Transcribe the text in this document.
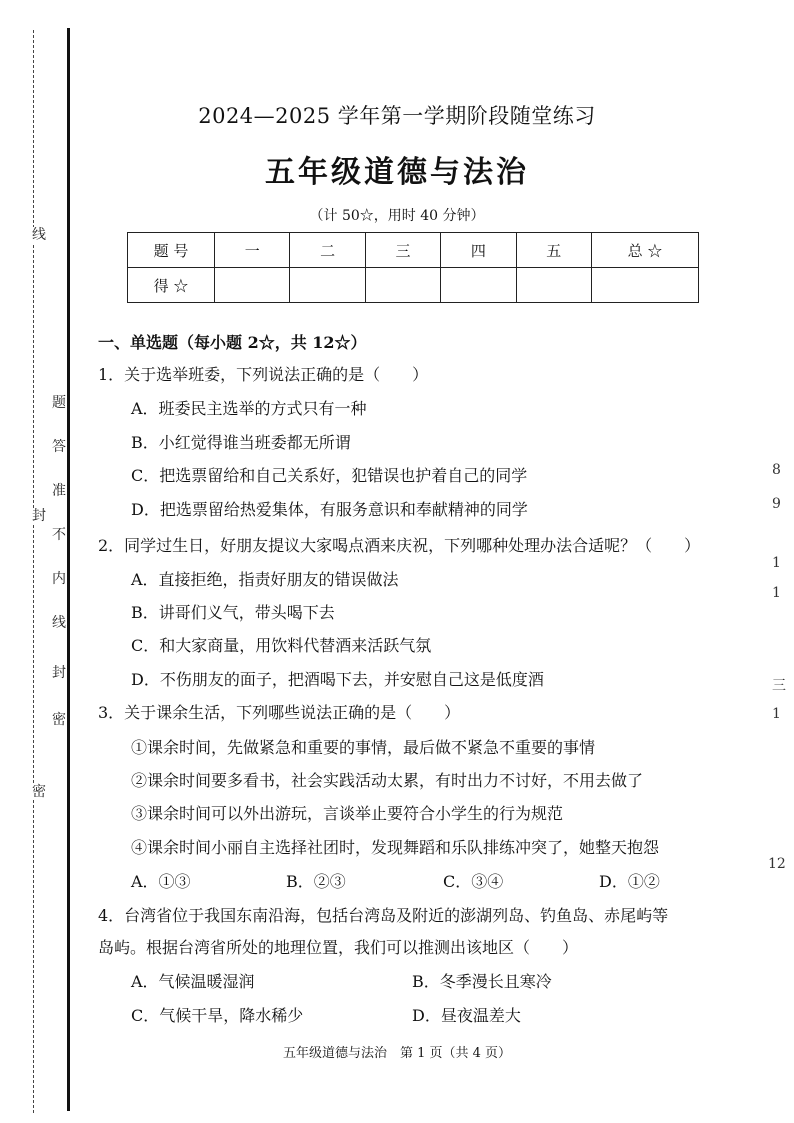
线
封
密
题
答
准
不
内
线
封
密
2024—2025 学年第一学期阶段随堂练习
五年级道德与法治
（计 50☆，用时 40 分钟）
题 号	一	二	三	四	五	总 ☆
得 ☆						
一、单选题（每小题 2☆，共 12☆）
1．关于选举班委，下列说法正确的是（　　）
A．班委民主选举的方式只有一种
B．小红觉得谁当班委都无所谓
C．把选票留给和自己关系好，犯错误也护着自己的同学
D．把选票留给热爱集体，有服务意识和奉献精神的同学
2．同学过生日，好朋友提议大家喝点酒来庆祝，下列哪种处理办法合适呢？（　　）
A．直接拒绝，指责好朋友的错误做法
B．讲哥们义气，带头喝下去
C．和大家商量，用饮料代替酒来活跃气氛
D．不伤朋友的面子，把酒喝下去，并安慰自己这是低度酒
3．关于课余生活，下列哪些说法正确的是（　　）
①课余时间，先做紧急和重要的事情，最后做不紧急不重要的事情
②课余时间要多看书，社会实践活动太累，有时出力不讨好，不用去做了
③课余时间可以外出游玩，言谈举止要符合小学生的行为规范
④课余时间小丽自主选择社团时，发现舞蹈和乐队排练冲突了，她整天抱怨
A．①③	B．②③	C．③④	D．①②
4．台湾省位于我国东南沿海，包括台湾岛及附近的澎湖列岛、钓鱼岛、赤尾屿等
岛屿。根据台湾省所处的地理位置，我们可以推测出该地区（　　）
A．气候温暖湿润	B．冬季漫长且寒冷
C．气候干旱，降水稀少	D．昼夜温差大
8
9
1
1
三
1
12
五年级道德与法治　第 1 页（共 4 页）
